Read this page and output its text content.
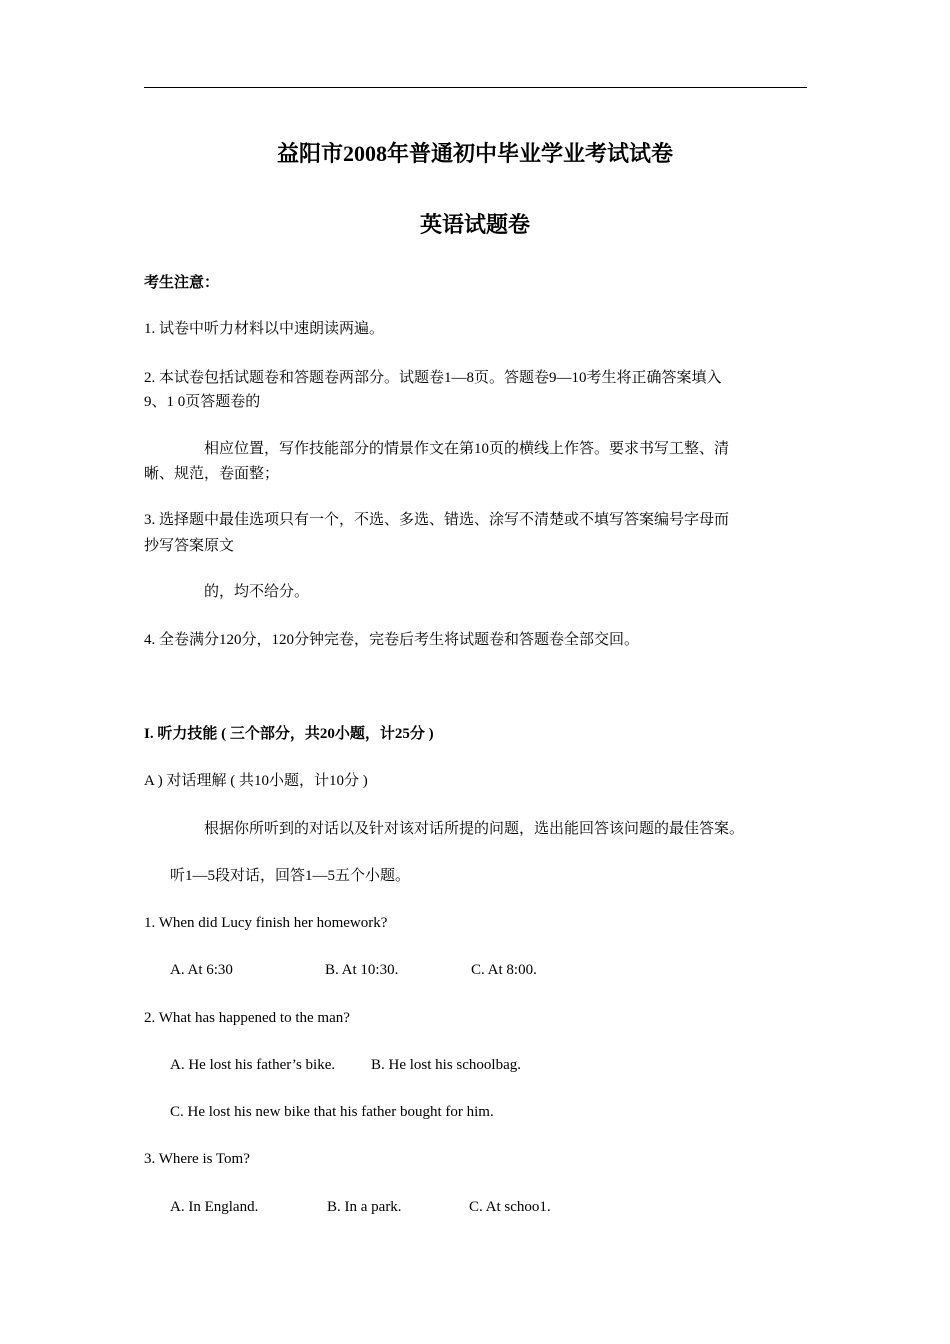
益阳市2008年普通初中毕业学业考试试卷
英语试题卷
考生注意：
1. 试卷中听力材料以中速朗读两遍。
2. 本试卷包括试题卷和答题卷两部分。试题卷1—8页。答题卷9—10考生将正确答案填入
9、1 0页答题卷的
相应位置，写作技能部分的情景作文在第10页的横线上作答。要求书写工整、清
晰、规范，卷面整；
3. 选择题中最佳选项只有一个，不选、多选、错选、涂写不清楚或不填写答案编号字母而
抄写答案原文
的，均不给分。
4. 全卷满分120分，120分钟完卷，完卷后考生将试题卷和答题卷全部交回。
I. 听力技能 ( 三个部分，共20小题，计25分 )
A ) 对话理解 ( 共10小题，计10分 )
根据你所听到的对话以及针对该对话所提的问题，选出能回答该问题的最佳答案。
听1—5段对话，回答1—5五个小题。
1. When did Lucy finish her homework?
A. At 6:30	B. At 10:30.	C. At 8:00.
2. What has happened to the man?
A. He lost his father’s bike. B. He lost his schoolbag.
C. He lost his new bike that his father bought for him.
3. Where is Tom?
A. In England.	B. In a park.	C. At schoo1.
